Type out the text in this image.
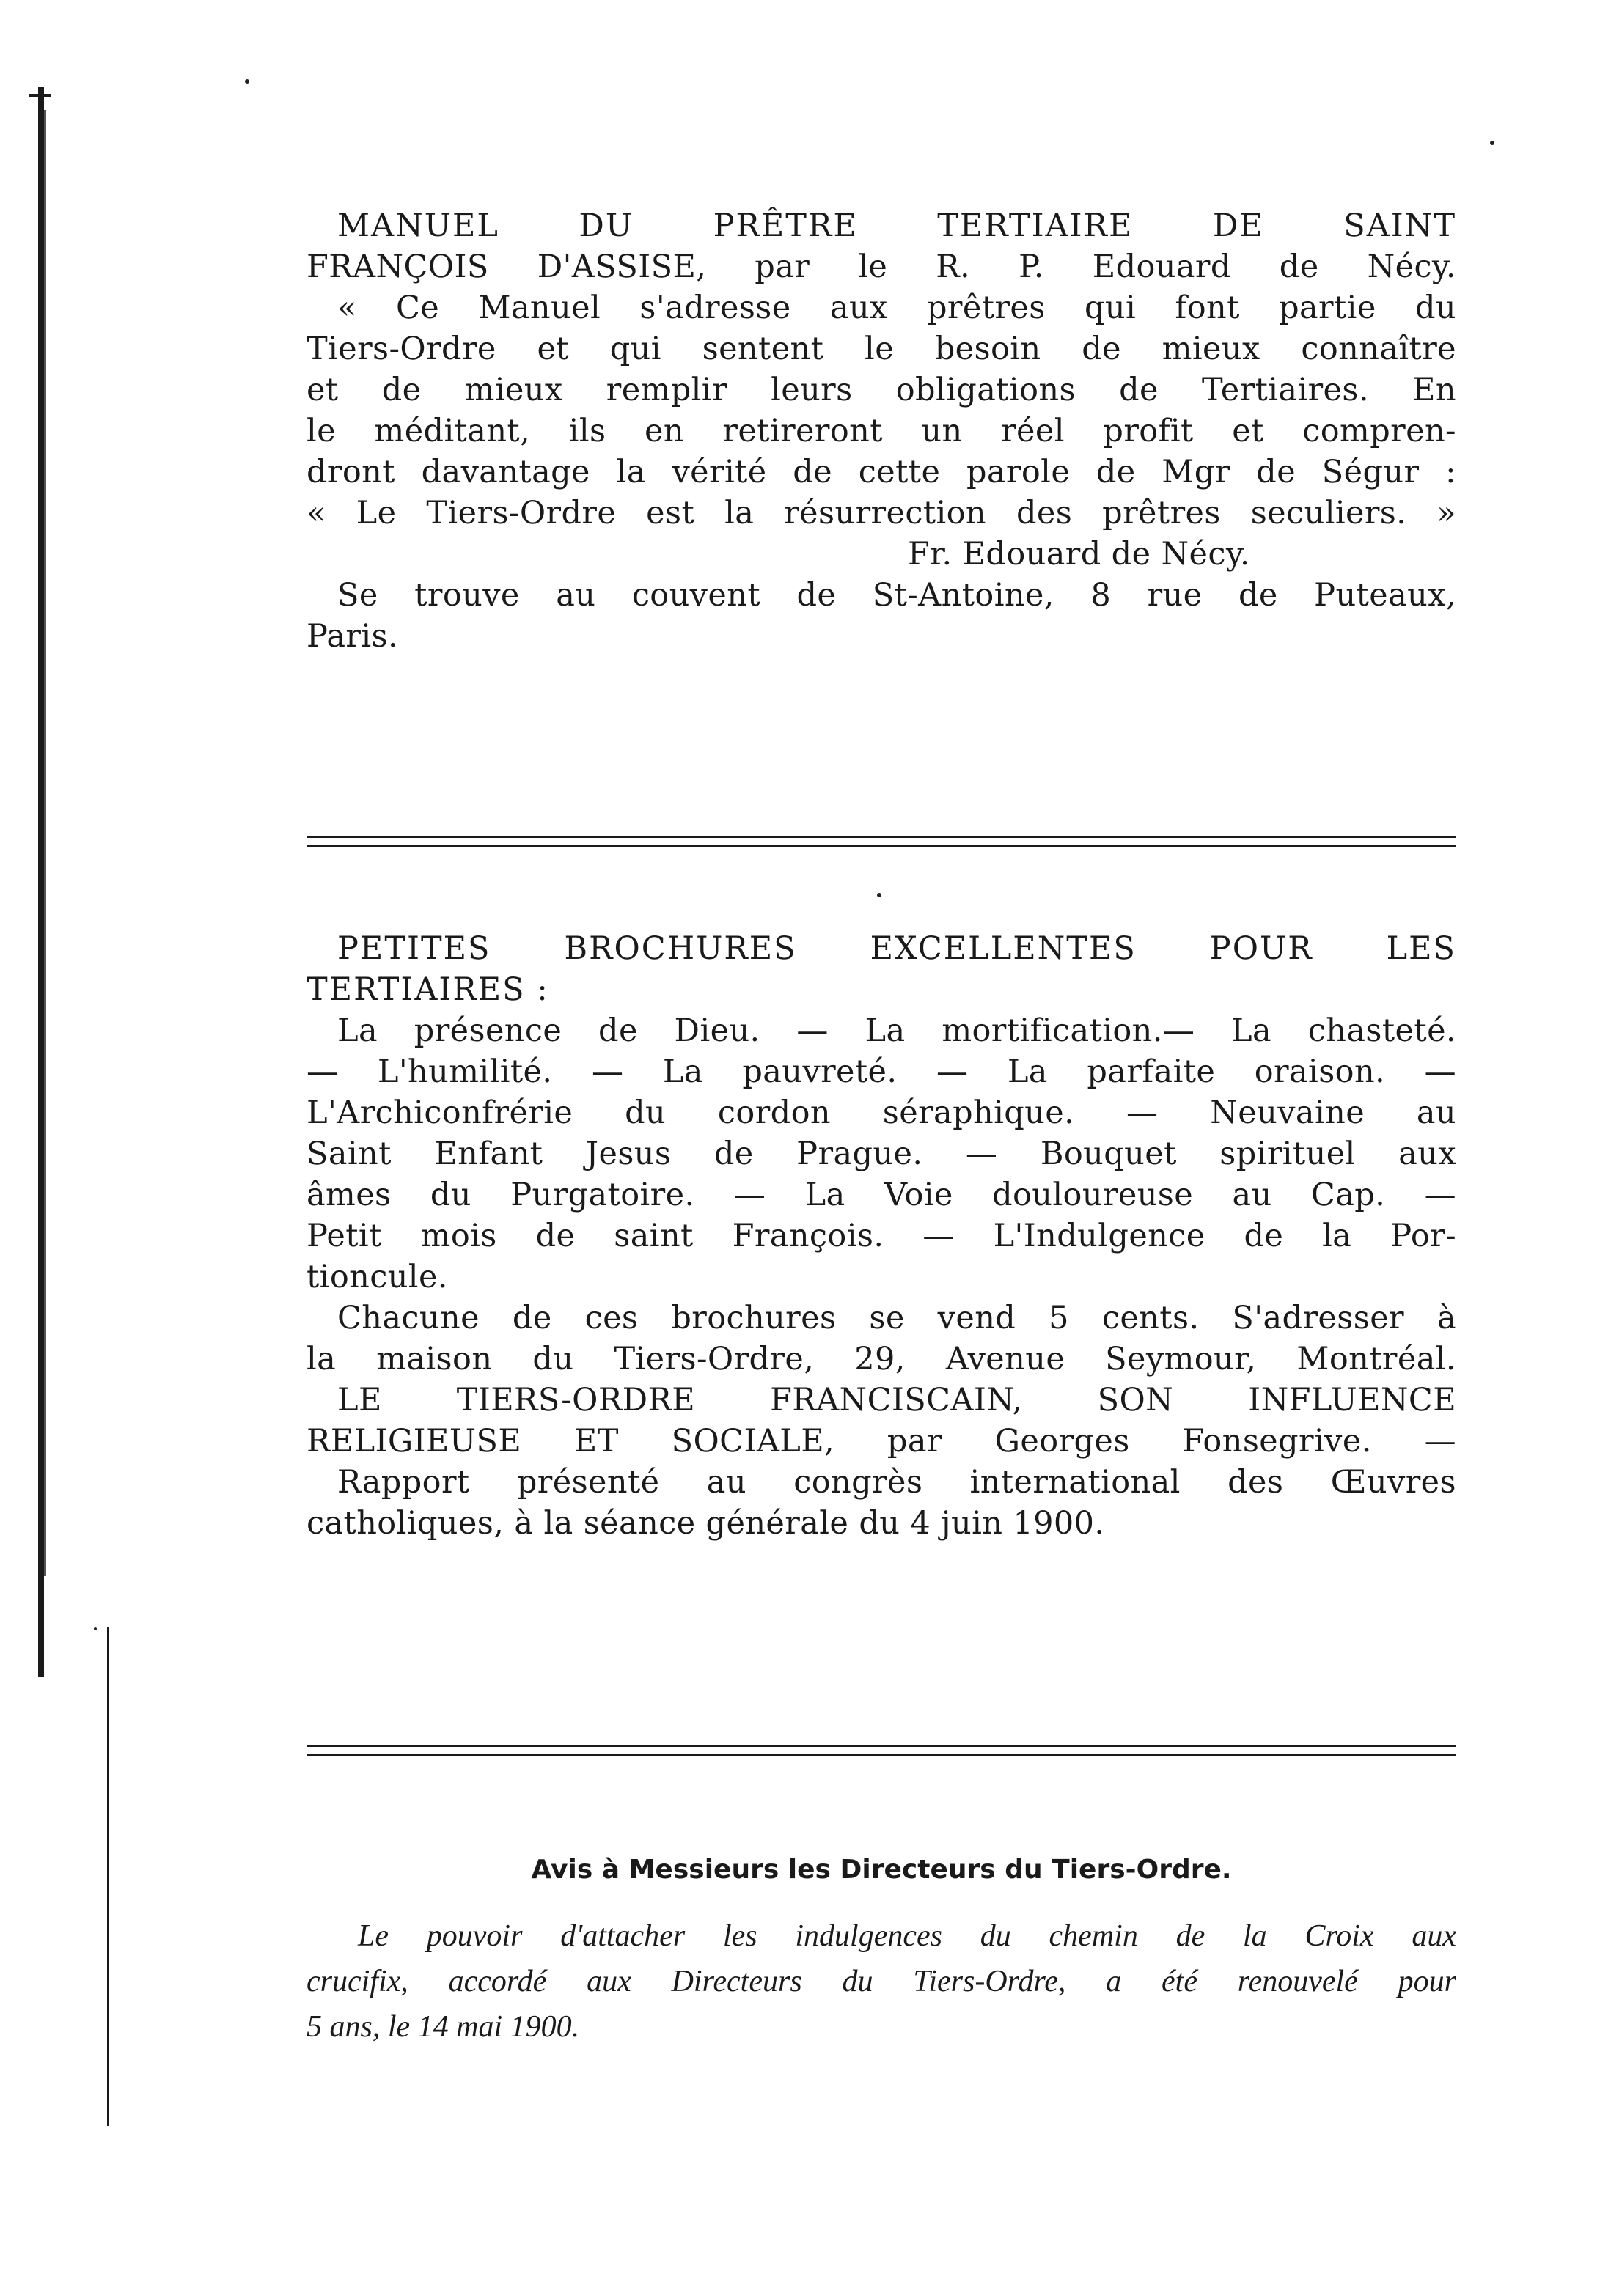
MANUEL DU PRÊTRE TERTIAIRE DE SAINT
FRANÇOIS D'ASSISE, par le R. P. Edouard de Nécy.
« Ce Manuel s'adresse aux prêtres qui font partie du
Tiers-Ordre et qui sentent le besoin de mieux connaître
et de mieux remplir leurs obligations de Tertiaires. En
le méditant, ils en retireront un réel profit et compren-
dront davantage la vérité de cette parole de Mgr de Ségur :
« Le Tiers-Ordre est la résurrection des prêtres seculiers. »
Fr. Edouard de Nécy.
Se trouve au couvent de St-Antoine, 8 rue de Puteaux,
Paris.
PETITES BROCHURES EXCELLENTES POUR LES
TERTIAIRES :
La présence de Dieu. — La mortification.— La chasteté.
— L'humilité. — La pauvreté. — La parfaite oraison. —
L'Archiconfrérie du cordon séraphique. — Neuvaine au
Saint Enfant Jesus de Prague. — Bouquet spirituel aux
âmes du Purgatoire. — La Voie douloureuse au Cap. —
Petit mois de saint François. — L'Indulgence de la Por-
tioncule.
Chacune de ces brochures se vend 5 cents. S'adresser à
la maison du Tiers-Ordre, 29, Avenue Seymour, Montréal.
LE TIERS-ORDRE FRANCISCAIN, SON INFLUENCE
RELIGIEUSE ET SOCIALE, par Georges Fonsegrive. —
Rapport présenté au congrès international des Œuvres
catholiques, à la séance générale du 4 juin 1900.
Avis à Messieurs les Directeurs du Tiers-Ordre.
Le pouvoir d'attacher les indulgences du chemin de la Croix aux
crucifix, accordé aux Directeurs du Tiers-Ordre, a été renouvelé pour
5 ans, le 14 mai 1900.
